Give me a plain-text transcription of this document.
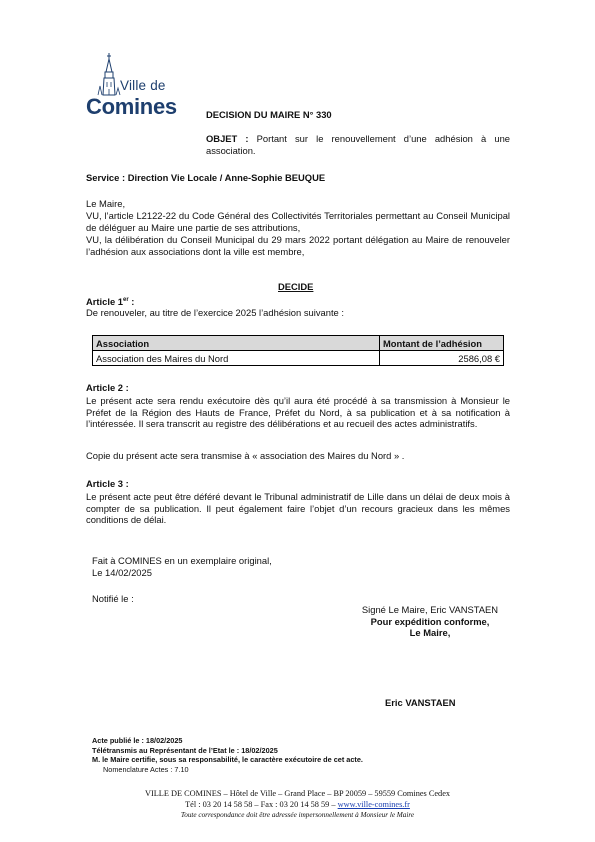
Ville de
Comines	DECISION DU MAIRE N° 330
OBJET : Portant sur le renouvellement d’une adhésion à une association.
Service : Direction Vie Locale / Anne-Sophie BEUQUE
Le Maire,
VU, l’article L2122-22 du Code Général des Collectivités Territoriales permettant au Conseil Municipal de déléguer au Maire une partie de ses attributions,
VU, la délibération du Conseil Municipal du 29 mars 2022 portant délégation au Maire de renouveler l’adhésion aux associations dont la ville est membre,
DECIDE
Article 1er :
De renouveler, au titre de l’exercice 2025 l’adhésion suivante :
Association	Montant de l’adhésion
Association des Maires du Nord	2586,08 €
Article 2 :
Le présent acte sera rendu exécutoire dès qu’il aura été procédé à sa transmission à Monsieur le Préfet de la Région des Hauts de France, Préfet du Nord, à sa publication et à sa notification à l’intéressée. Il sera transcrit au registre des délibérations et au recueil des actes administratifs.
Copie du présent acte sera transmise à « association des Maires du Nord » .
Article 3 :
Le présent acte peut être déféré devant le Tribunal administratif de Lille dans un délai de deux mois à compter de sa publication. Il peut également faire l’objet d’un recours gracieux dans les mêmes conditions de délai.
Fait à COMINES en un exemplaire original,
Le 14/02/2025
Notifié le :
Signé Le Maire, Eric VANSTAEN
Pour expédition conforme,
Le Maire,
Eric VANSTAEN
Acte publié le : 18/02/2025
Télétransmis au Représentant de l’Etat le : 18/02/2025
M. le Maire certifie, sous sa responsabilité, le caractère exécutoire de cet acte.
Nomenclature Actes : 7.10
VILLE DE COMINES – Hôtel de Ville – Grand Place – BP 20059 – 59559 Comines Cedex
Tél : 03 20 14 58 58 – Fax : 03 20 14 58 59 – www.ville-comines.fr
Toute correspondance doit être adressée impersonnellement à Monsieur le Maire
